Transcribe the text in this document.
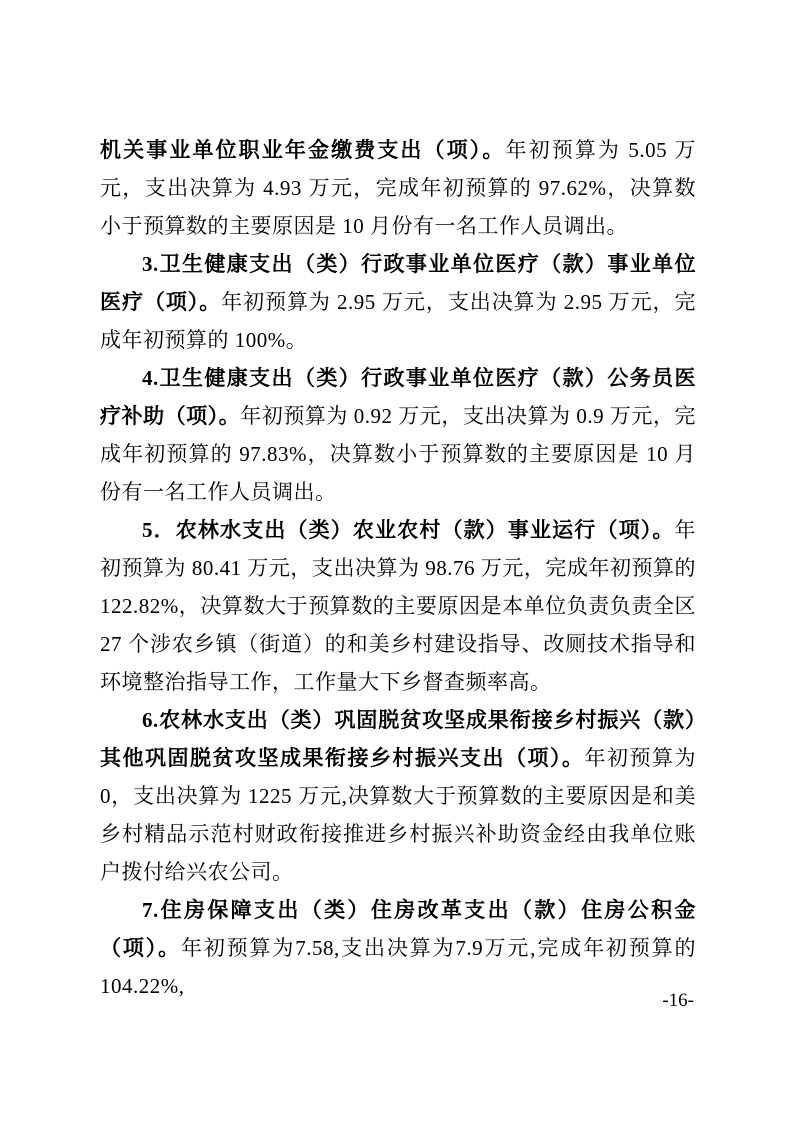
机关事业单位职业年金缴费支出（项）。年初预算为 5.05 万元，支出决算为 4.93 万元，完成年初预算的 97.62%，决算数小于预算数的主要原因是 10 月份有一名工作人员调出。

3.卫生健康支出（类）行政事业单位医疗（款）事业单位医疗（项）。年初预算为 2.95 万元，支出决算为 2.95 万元，完成年初预算的 100%。

4.卫生健康支出（类）行政事业单位医疗（款）公务员医疗补助（项）。年初预算为 0.92 万元，支出决算为 0.9 万元，完成年初预算的 97.83%，决算数小于预算数的主要原因是 10 月份有一名工作人员调出。

5．农林水支出（类）农业农村（款）事业运行（项）。年初预算为 80.41 万元，支出决算为 98.76 万元，完成年初预算的 122.82%，决算数大于预算数的主要原因是本单位负责负责全区 27 个涉农乡镇（街道）的和美乡村建设指导、改厕技术指导和环境整治指导工作，工作量大下乡督查频率高。

6.农林水支出（类）巩固脱贫攻坚成果衔接乡村振兴（款）其他巩固脱贫攻坚成果衔接乡村振兴支出（项）。年初预算为 0，支出决算为 1225 万元,决算数大于预算数的主要原因是和美乡村精品示范村财政衔接推进乡村振兴补助资金经由我单位账户拨付给兴农公司。

7.住房保障支出（类）住房改革支出（款）住房公积金（项）。年初预算为7.58,支出决算为7.9万元,完成年初预算的104.22%,

-16-
